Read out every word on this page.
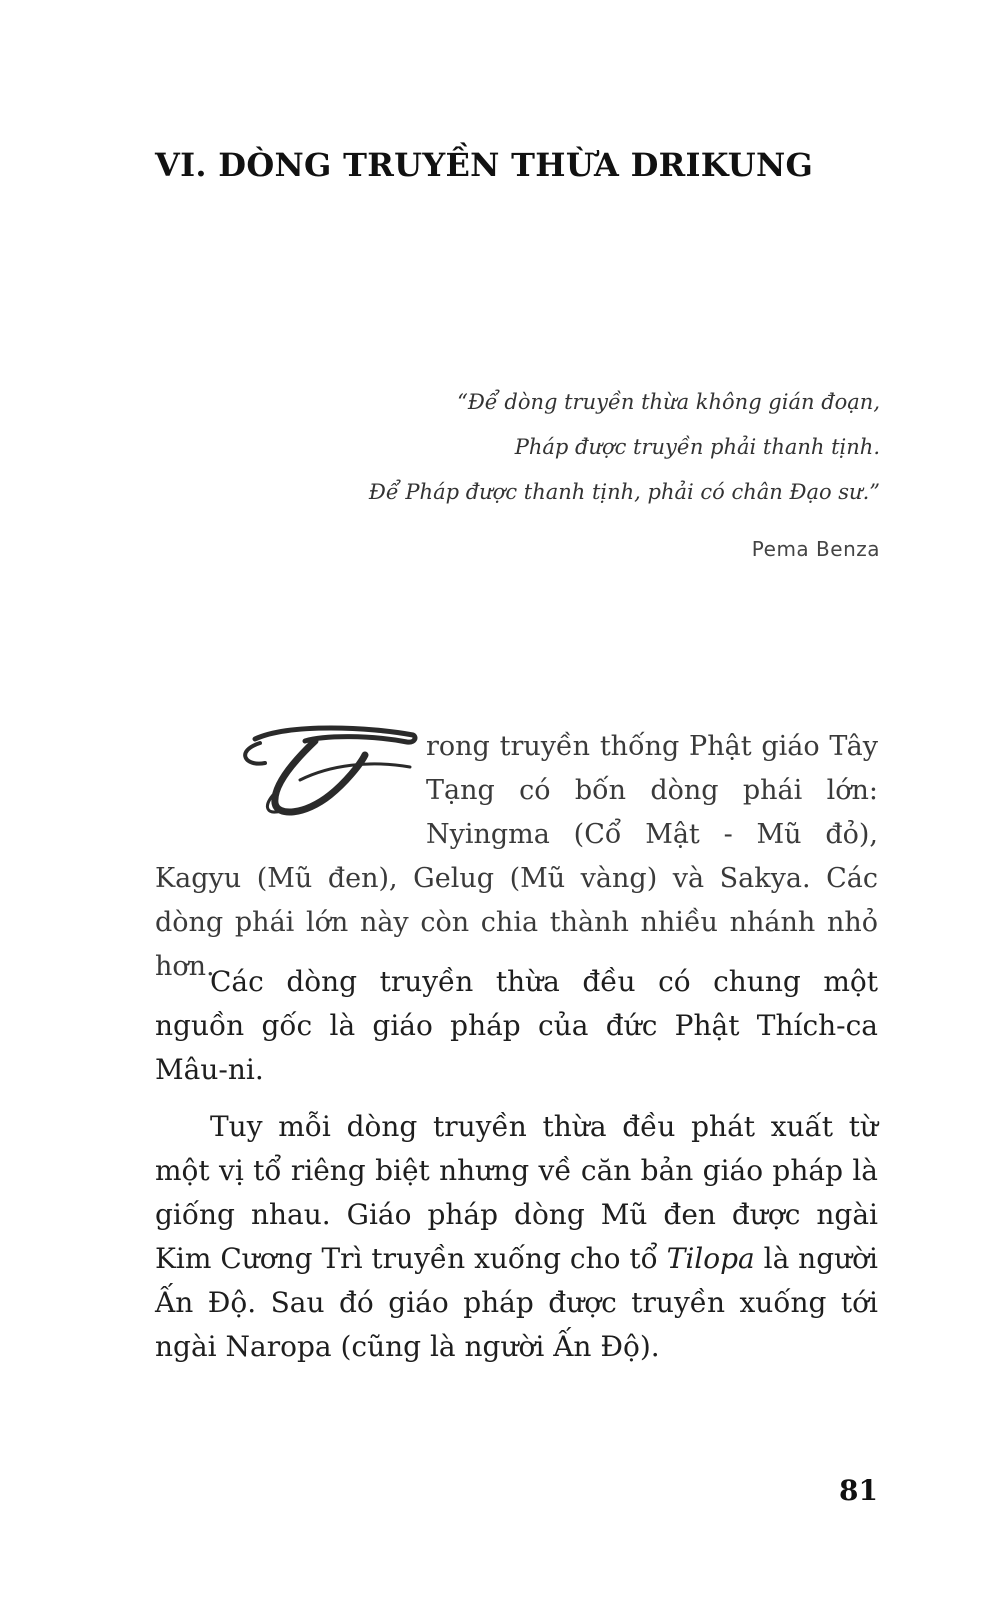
VI. DÒNG TRUYỀN THỪA DRIKUNG
“Để dòng truyền thừa không gián đoạn,
Pháp được truyền phải thanh tịnh.
Để Pháp được thanh tịnh, phải có chân Đạo sư.”
Pema Benza

rong truyền thống Phật giáo Tây Tạng có bốn dòng phái lớn: Nyingma (Cổ Mật - Mũ đỏ), Kagyu (Mũ đen), Gelug (Mũ vàng) và Sakya. Các dòng phái lớn này còn chia thành nhiều nhánh nhỏ hơn.

Các dòng truyền thừa đều có chung một nguồn gốc là giáo pháp của đức Phật Thích-ca Mâu-ni.

Tuy mỗi dòng truyền thừa đều phát xuất từ một vị tổ riêng biệt nhưng về căn bản giáo pháp là giống nhau. Giáo pháp dòng Mũ đen được ngài Kim Cương Trì truyền xuống cho tổ Tilopa là người Ấn Độ. Sau đó giáo pháp được truyền xuống tới ngài Naropa (cũng là người Ấn Độ).

81
